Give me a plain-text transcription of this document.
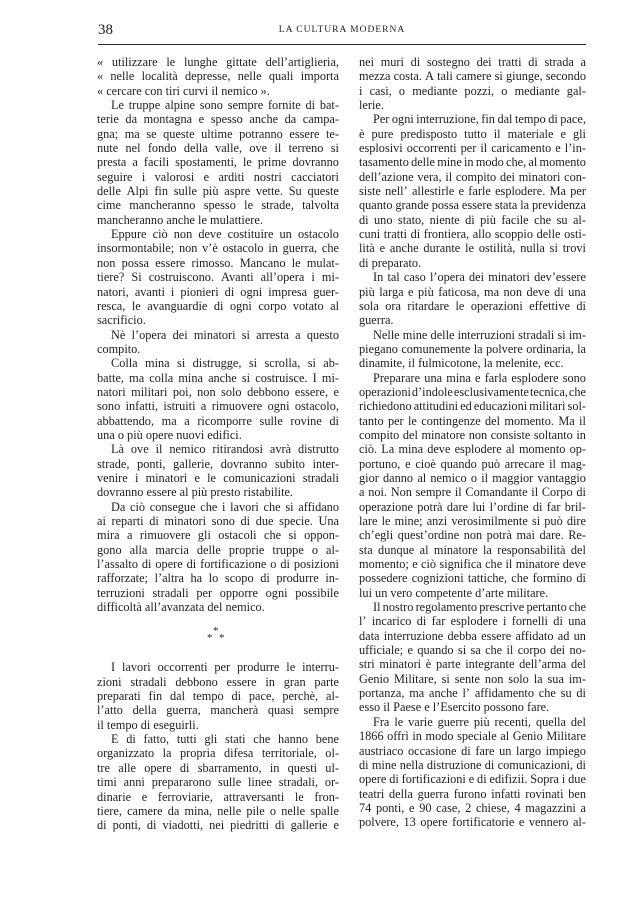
38	LA CULTURA MODERNA
« utilizzare le lunghe gittate dell’artiglieria,
« nelle località depresse, nelle quali importa
« cercare con tiri curvi il nemico ».
Le truppe alpine sono sempre fornite di bat-
terie da montagna e spesso anche da campa-
gna; ma se queste ultime potranno essere te-
nute nel fondo della valle, ove il terreno si
presta a facili spostamenti, le prime dovranno
seguire i valorosi e arditi nostri cacciatori
delle Alpi fin sulle più aspre vette. Su queste
cime mancheranno spesso le strade, talvolta
mancheranno anche le mulattiere.
Eppure ciò non deve costituire un ostacolo
insormontabile; non v’è ostacolo in guerra, che
non possa essere rimosso. Mancano le mulat-
tiere? Si costruiscono. Avanti all’opera i mi-
natori, avanti i pionieri di ogni impresa guer-
resca, le avanguardie di ogni corpo votato al
sacrificio.
Nè l’opera dei minatori si arresta a questo
compito.
Colla mina si distrugge, si scrolla, si ab-
batte, ma colla mina anche si costruisce. I mi-
natori militari poi, non solo debbono essere, e
sono infatti, istruiti a rimuovere ogni ostacolo,
abbattendo, ma a ricomporre sulle rovine di
una o più opere nuovi edifici.
Là ove il nemico ritirandosi avrà distrutto
strade, ponti, gallerie, dovranno subito inter-
venire i minatori e le comunicazioni stradali
dovranno essere al più presto ristabilite.
Da ciò consegue che i lavori che si affidano
ai reparti di minatori sono di due specie. Una
mira a rimuovere gli ostacoli che si oppon-
gono alla marcia delle proprie truppe o al-
l’assalto di opere di fortificazione o di posizioni
rafforzate; l’altra ha lo scopo di produrre in-
terruzioni stradali per opporre ogni possibile
difficoltà all’avanzata del nemico.
*
* *
I lavori occorrenti per produrre le interru-
zioni stradali debbono essere in gran parte
preparati fin dal tempo di pace, perchè, al-
l’atto della guerra, mancherà quasi sempre
il tempo di eseguirli.
E di fatto, tutti gli stati che hanno bene
organizzato la propria difesa territoriale, ol-
tre alle opere di sbarramento, in questi ul-
timi anni prepararono sulle linee stradali, or-
dinarie e ferroviarie, attraversanti le fron-
tiere, camere da mina, nelle pile o nelle spalle
di ponti, di viadotti, nei piedritti di gallerie e
nei muri di sostegno dei tratti di strada a
mezza costa. A tali camere si giunge, secondo
i casi, o mediante pozzi, o mediante gal-
lerie.
Per ogni interruzione, fin dal tempo di pace,
è pure predisposto tutto il materiale e gli
esplosivi occorrenti per il caricamento e l’in-
tasamento delle mine in modo che, al momento
dell’azione vera, il compito dei minatori con-
siste nell’ allestirle e farle esplodere. Ma per
quanto grande possa essere stata la previdenza
di uno stato, niente di più facile che su al-
cuni tratti di frontiera, allo scoppio delle osti-
lità e anche durante le ostilità, nulla si trovi
di preparato.
In tal caso l’opera dei minatori dev’essere
più larga e più faticosa, ma non deve di una
sola ora ritardare le operazioni effettive di
guerra.
Nelle mine delle interruzioni stradali si im-
piegano comunemente la polvere ordinaria, la
dinamite, il fulmicotone, la melenite, ecc.
Preparare una mina e farla esplodere sono
operazioni d’indole esclusivamente tecnica, che
richiedono attitudini ed educazioni militari sol-
tanto per le contingenze del momento. Ma il
compito del minatore non consiste soltanto in
ciò. La mina deve esplodere al momento op-
portuno, e cioè quando può arrecare il mag-
gior danno al nemico o il maggior vantaggio
a noi. Non sempre il Comandante il Corpo di
operazione potrà dare lui l’ordine di far bril-
lare le mine; anzi verosimilmente si può dire
ch’egli quest’ordine non potrà mai dare. Re-
sta dunque al minatore la responsabilità del
momento; e ciò significa che il minatore deve
possedere cognizioni tattiche, che formino di
lui un vero competente d’arte militare.
Il nostro regolamento prescrive pertanto che
l’ incarico di far esplodere i fornelli di una
data interruzione debba essere affidato ad un
ufficiale; e quando si sa che il corpo dei no-
stri minatori è parte integrante dell’arma del
Genio Militare, si sente non solo la sua im-
portanza, ma anche l’ affidamento che su di
esso il Paese e l’Esercito possono fare.
Fra le varie guerre più recenti, quella del
1866 offrì in modo speciale al Genio Militare
austriaco occasione di fare un largo impiego
di mine nella distruzione di comunicazioni, di
opere di fortificazioni e di edifizii. Sopra i due
teatri della guerra furono infatti rovinati ben
74 ponti, e 90 case, 2 chiese, 4 magazzini a
polvere, 13 opere fortificatorie e vennero al-
